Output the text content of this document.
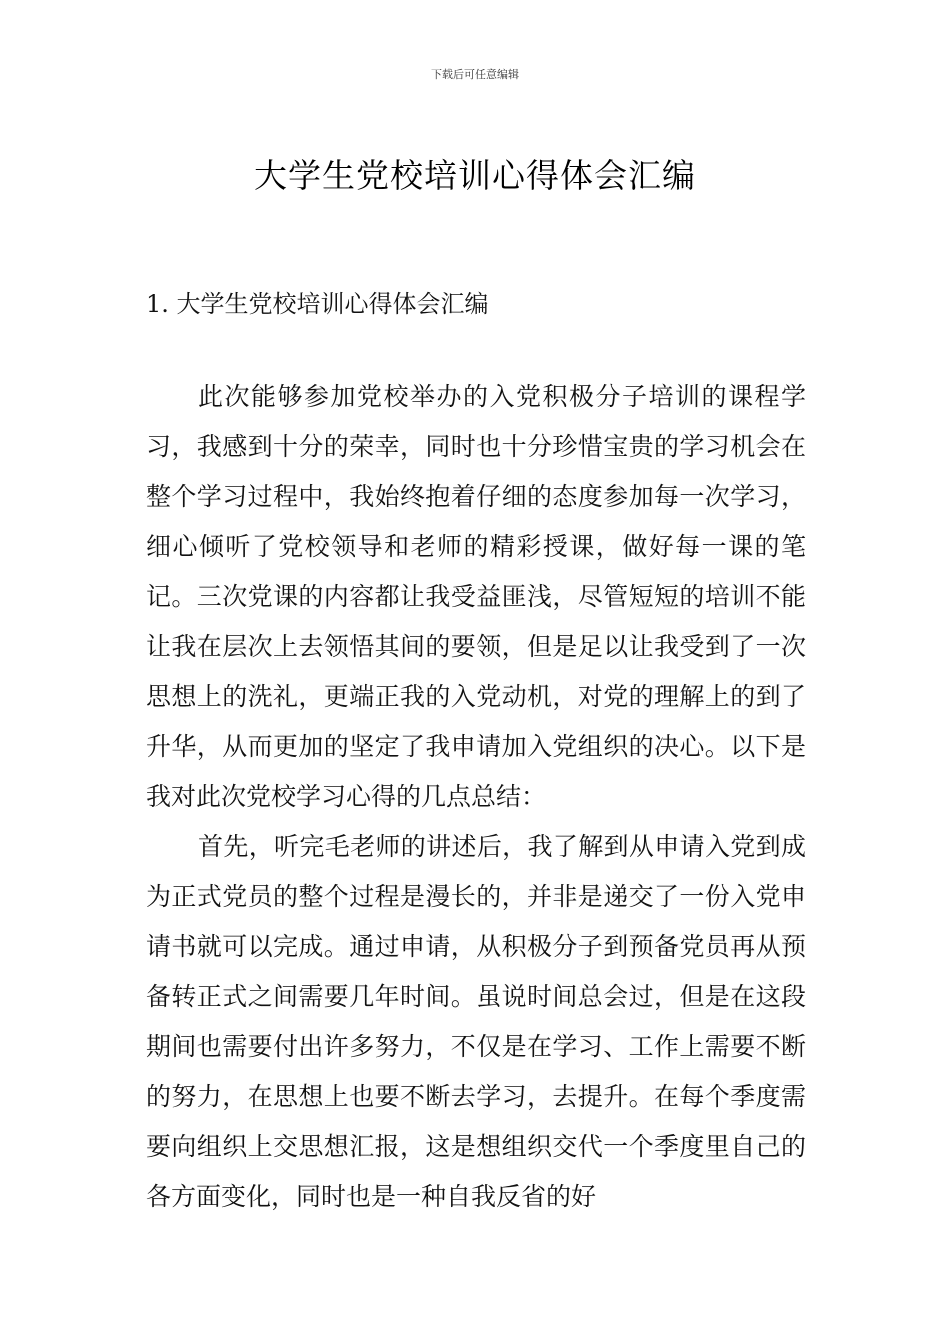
下载后可任意编辑
大学生党校培训心得体会汇编
1. 大学生党校培训心得体会汇编

此次能够参加党校举办的入党积极分子培训的课程学习，我感到十分的荣幸，同时也十分珍惜宝贵的学习机会在整个学习过程中，我始终抱着仔细的态度参加每一次学习，细心倾听了党校领导和老师的精彩授课，做好每一课的笔记。三次党课的内容都让我受益匪浅，尽管短短的培训不能让我在层次上去领悟其间的要领，但是足以让我受到了一次思想上的洗礼，更端正我的入党动机，对党的理解上的到了升华，从而更加的坚定了我申请加入党组织的决心。以下是我对此次党校学习心得的几点总结：

首先，听完毛老师的讲述后，我了解到从申请入党到成为正式党员的整个过程是漫长的，并非是递交了一份入党申请书就可以完成。通过申请，从积极分子到预备党员再从预备转正式之间需要几年时间。虽说时间总会过，但是在这段期间也需要付出许多努力，不仅是在学习、工作上需要不断的努力，在思想上也要不断去学习，去提升。在每个季度需要向组织上交思想汇报，这是想组织交代一个季度里自己的各方面变化，同时也是一种自我反省的好
